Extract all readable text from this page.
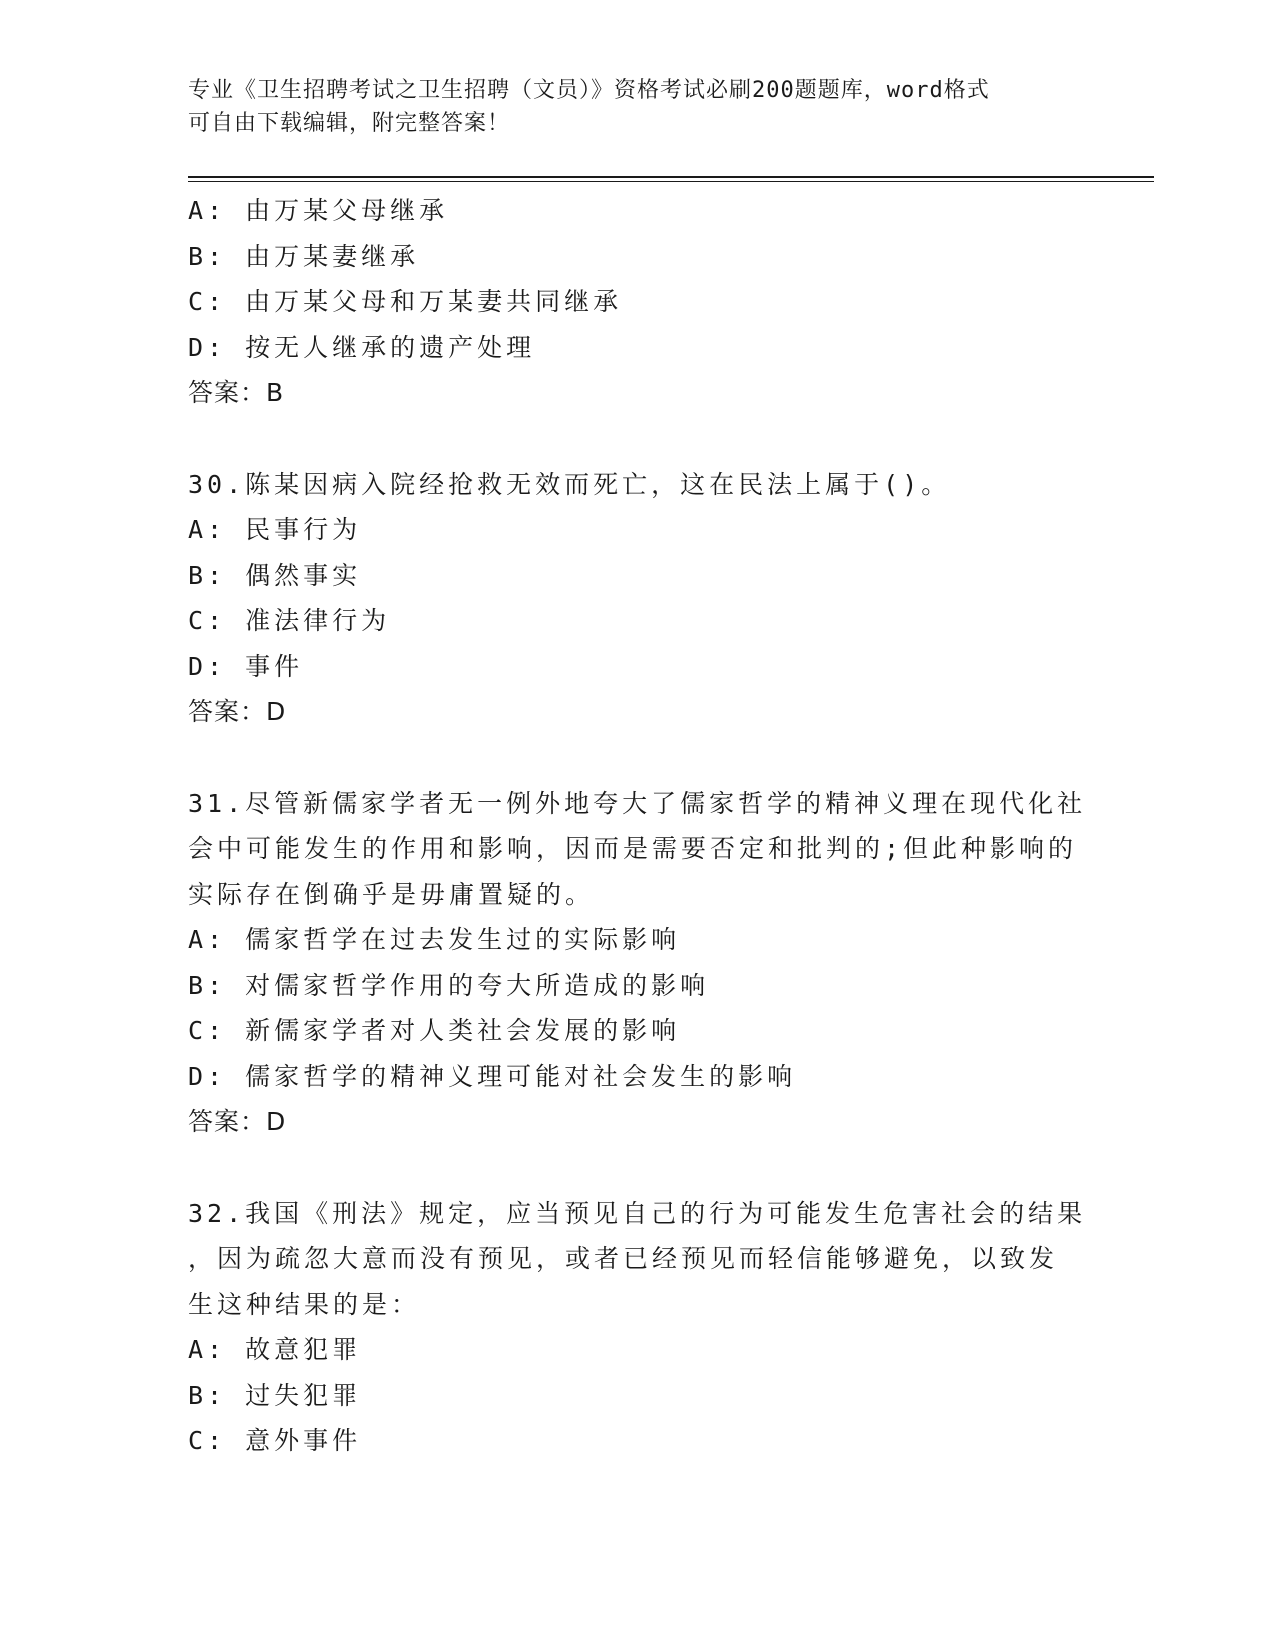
专业《卫生招聘考试之卫生招聘（文员）》资格考试必刷200题题库，word格式
可自由下载编辑，附完整答案！
A: 由万某父母继承
B: 由万某妻继承
C: 由万某父母和万某妻共同继承
D: 按无人继承的遗产处理
答案：B
30.陈某因病入院经抢救无效而死亡，这在民法上属于()。
A: 民事行为
B: 偶然事实
C: 准法律行为
D: 事件
答案：D
31.尽管新儒家学者无一例外地夸大了儒家哲学的精神义理在现代化社
会中可能发生的作用和影响，因而是需要否定和批判的;但此种影响的
实际存在倒确乎是毋庸置疑的。
A: 儒家哲学在过去发生过的实际影响
B: 对儒家哲学作用的夸大所造成的影响
C: 新儒家学者对人类社会发展的影响
D: 儒家哲学的精神义理可能对社会发生的影响
答案：D
32.我国《刑法》规定，应当预见自己的行为可能发生危害社会的结果
，因为疏忽大意而没有预见，或者已经预见而轻信能够避免，以致发
生这种结果的是：
A: 故意犯罪
B: 过失犯罪
C: 意外事件
